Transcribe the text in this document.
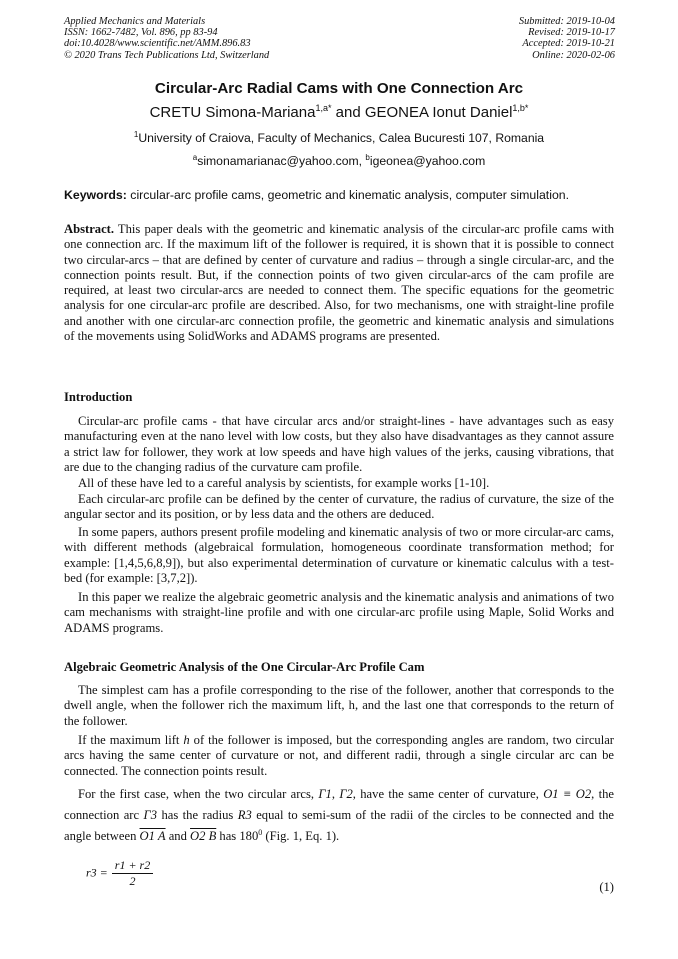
Applied Mechanics and Materials
ISSN: 1662-7482, Vol. 896, pp 83-94
doi:10.4028/www.scientific.net/AMM.896.83
© 2020 Trans Tech Publications Ltd, Switzerland
Submitted: 2019-10-04
Revised: 2019-10-17
Accepted: 2019-10-21
Online: 2020-02-06
Circular-Arc Radial Cams with One Connection Arc
CRETU Simona-Mariana$^{1,a*}$ and GEONEA Ionut Daniel$^{1,b*}$
$^1$University of Craiova, Faculty of Mechanics, Calea Bucuresti 107, Romania
$^a$simonamarianac@yahoo.com, $^b$igeonea@yahoo.com
Keywords: circular-arc profile cams, geometric and kinematic analysis, computer simulation.
Abstract. This paper deals with the geometric and kinematic analysis of the circular-arc profile cams with one connection arc. If the maximum lift of the follower is required, it is shown that it is possible to connect two circular-arcs – that are defined by center of curvature and radius – through a single circular-arc, and the connection points result. But, if the connection points of two given circular-arcs of the cam profile are required, at least two circular-arcs are needed to connect them. The specific equations for the geometric analysis for one circular-arc profile are described. Also, for two mechanisms, one with straight-line profile and another with one circular-arc connection profile, the geometric and kinematic analysis and simulations of the movements using SolidWorks and ADAMS programs are presented.
Introduction

Circular-arc profile cams - that have circular arcs and/or straight-lines - have advantages such as easy manufacturing even at the nano level with low costs, but they also have disadvantages as they cannot assure a strict law for follower, they work at low speeds and have high values of the jerks, causing vibrations, that are due to the changing radius of the curvature cam profile.

All of these have led to a careful analysis by scientists, for example works [1-10].

Each circular-arc profile can be defined by the center of curvature, the radius of curvature, the size of the angular sector and its position, or by less data and the others are deduced.

In some papers, authors present profile modeling and kinematic analysis of two or more circular-arc cams, with different methods (algebraical formulation, homogeneous coordinate transformation method; for example: [1,4,5,6,8,9]), but also experimental determination of curvature or kinematic calculus with a test-bed (for example: [3,7,2]).

In this paper we realize the algebraic geometric analysis and the kinematic analysis and animations of two cam mechanisms with straight-line profile and with one circular-arc profile using Maple, Solid Works and ADAMS programs.

Algebraic Geometric Analysis of the One Circular-Arc Profile Cam

The simplest cam has a profile corresponding to the rise of the follower, another that corresponds to the dwell angle, when the follower rich the maximum lift, h, and the last one that corresponds to the return of the follower.

If the maximum lift h of the follower is imposed, but the corresponding angles are random, two circular arcs having the same center of curvature or not, and different radii, through a single circular arc can be connected. The connection points result.

For the first case, when the two circular arcs, Γ1, Γ2, have the same center of curvature, O1 ≡ O2, the connection arc Γ3 has the radius R3 equal to semi-sum of the radii of the circles to be connected and the angle between O1 A and O2 B has $180^0$ (Fig. 1, Eq. 1).

$r3 = \frac{r1 + r2}{2}$	(1)
